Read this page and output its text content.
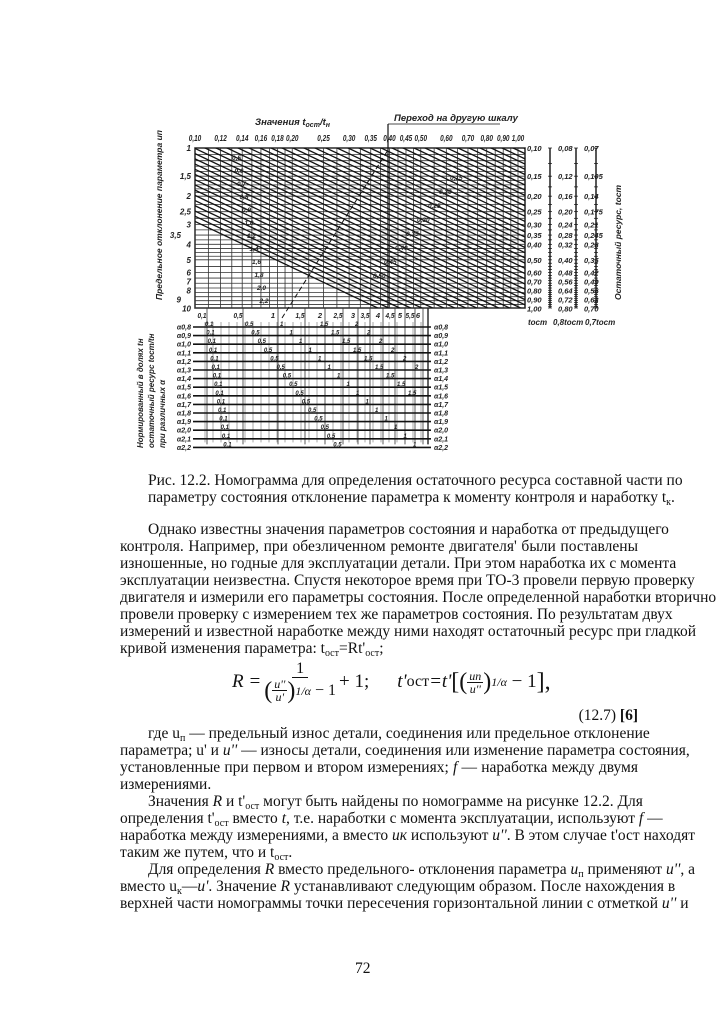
0,5
0,6
0,7
0,8
0,9
1,0
1,2
1,4
1,6
1,8
2,0
2,2
0,15
0,20
0,25
0,30
0,35
0,40
0,45
0,50
Значения $t_{ост}/t_н$
Переход на другую шкалу
0,10 0,12 0,14 0,16 0,18 0,20 0,25 0,30 0,35 0,40 0,45 0,50 0,60 0,70 0,80 0,90 1,00
1
1,5
2
2,5
3
3,5
4
5
6
7
8
9
10
Предельное отклонение параметра uп	Остаточный ресурс, tост
0,10
0,15
0,20
0,25
0,30
0,35
0,40
0,50
0,60
0,70
0,80
0,90
1,00
0,08
0,12
0,16
0,20
0,24
0,28
0,32
0,40
0,48
0,56
0,64
0,72
0,80
0,07
0,105
0,14
0,175
0,21
0,245
0,28
0,35
0,42
0,49
0,56
0,63
0,70
tост 0,8tост 0,7tост
0,1	0,5	1	1,5 2 2,5 3 3,5 4 4,5 5 5,5 6
α0,8	α0,8
0,1	0,5	1	1,5	2
α0,9	α0,9
0,1	0,5	1	1,5	2
α1,0	α1,0
0,1	0,5	1	1,5	2
α1,1	α1,1
0,1	0,5	1	1,5	2
α1,2	α1,2
0,1	0,5	1	1,5	2
α1,3	α1,3
0,1	0,5	1	1,5	2
α1,4	α1,4
0,1	0,5	1	1,5
α1,5	α1,5
0,1	0,5	1	1,5
α1,6	α1,6
0,1	0,5	1	1,5
α1,7	α1,7
0,1	0,5	1
α1,8	α1,8
0,1	0,5	1
α1,9	α1,9
0,1	0,5	1
α2,0	α2,0
0,1	0,5	1
α2,1	α2,1
0,1	0,5	1
α2,2	α2,2
0,1	0,5	1
Нормированный в долях tн остаточный ресурс tост/tн при различных α
Рис. 12.2. Номограмма для определения остаточного ресурса составной части по
параметру состояния отклонение параметра к моменту контроля и наработку $t_к$.
Однако известны значения параметров состояния и наработка от предыдущего
контроля. Например, при обезличенном ремонте двигателя' были поставлены
изношенные, но годные для эксплуатации детали. При этом наработка их с момента
эксплуатации неизвестна. Спустя некоторое время при ТО-3 провели первую проверку
двигателя и измерили его параметры состояния. После определенной наработки вторично
провели проверку с измерением тех же параметров состояния. По результатам двух
измерений и известной наработке между ними находят остаточный ресурс при гладкой
кривой изменения параметра: $t_{ост}=Rt'_{ост}$;
R = 1
( u''
u' ) 1/α
− 1 + 1; t' ост =t' [ ( uп
u'' ) 1/α
− 1 ],
(12.7) [6]
где $u_п$ — предельный износ детали, соединения или предельное отклонение
параметра; u' и u'' — износы детали, соединения или изменение параметра состояния,
установленные при первом и втором измерениях; f — наработка между двумя
измерениями.
Значения R и $t'_{ост}$ могут быть найдены по номограмме на рисунке 12.2. Для
определения $t'_{ост}$ вместо t, т.е. наработки с момента эксплуатации, используют f —
наработка между измерениями, а вместо uк используют u''. В этом случае t'ост находят
таким же путем, что и $t_{ост}$.
Для определения R вместо предельного- отклонения параметра $u_п$ применяют u'', а
вместо $u_к—u'$. Значение R устанавливают следующим образом. После нахождения в
верхней части номограммы точки пересечения горизонтальной линии с отметкой u'' и
72
